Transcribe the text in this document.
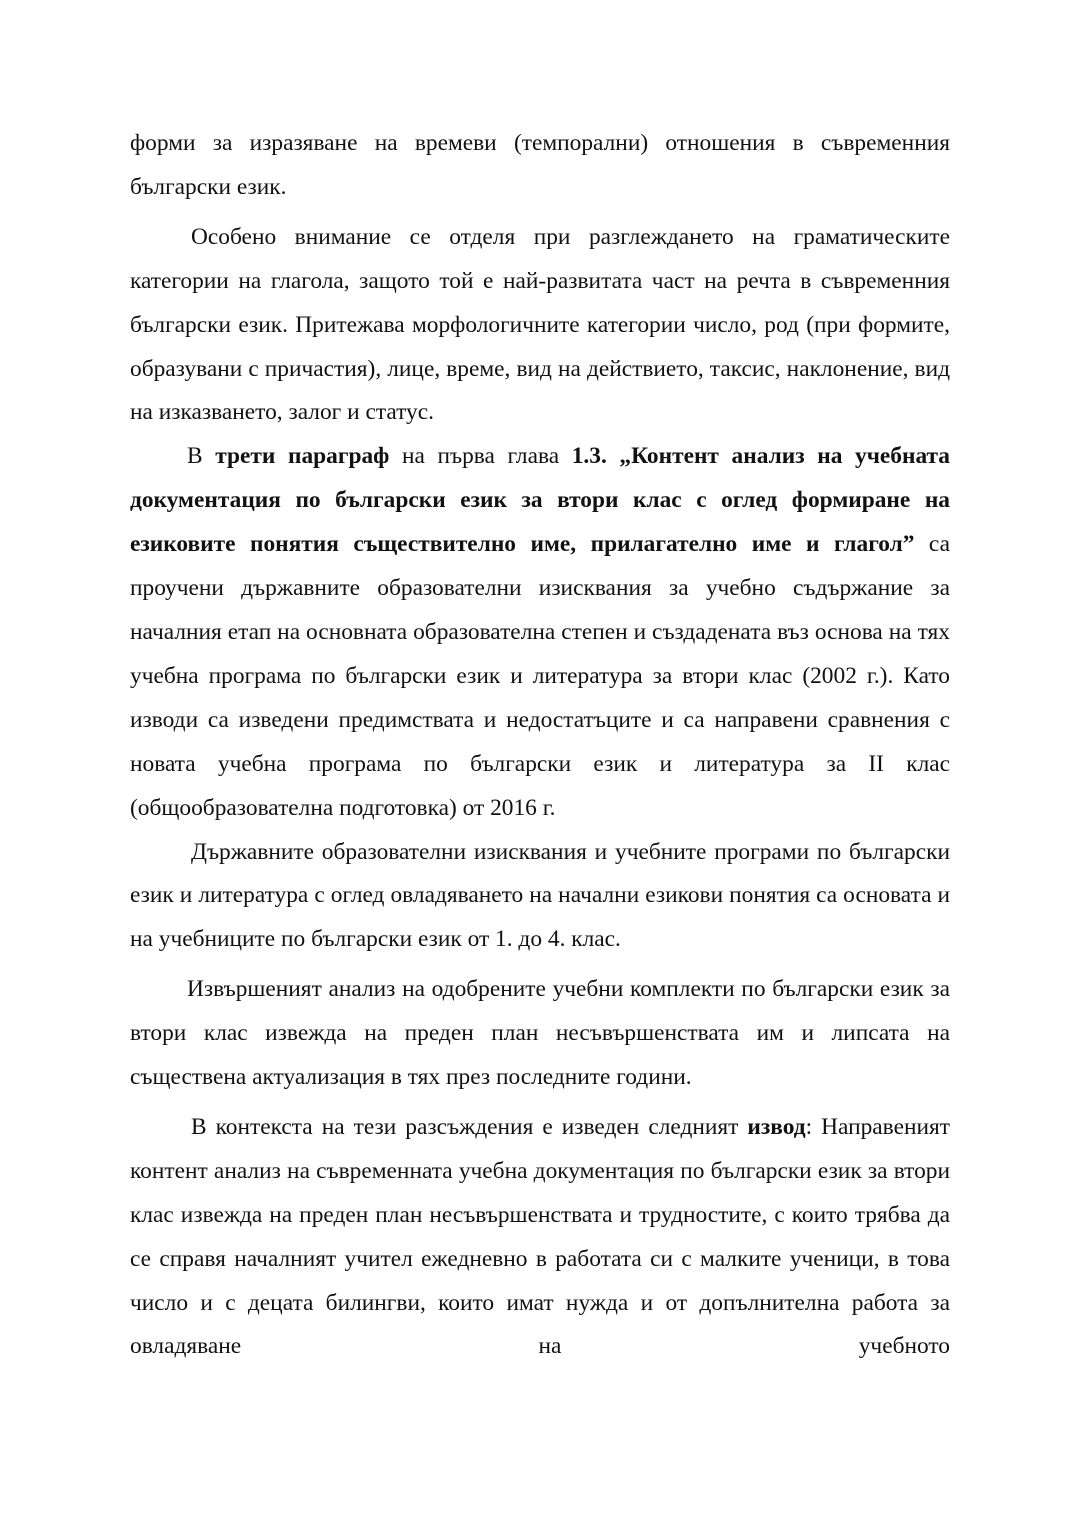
форми за изразяване на времеви (темпорални) отношения в съвременния български език.

Особено внимание се отделя при разглеждането на граматическите категории на глагола, защото той е най-развитата част на речта в съвременния български език. Притежава морфологичните категории число, род (при формите, образувани с причастия), лице, време, вид на действието, таксис, наклонение, вид на изказването, залог и статус.

В трети параграф на първа глава 1.3. „Контент анализ на учебната документация по български език за втори клас с оглед формиране на езиковите понятия съществително име, прилагателно име и глагол” са проучени държавните образователни изисквания за учебно съдържание за началния етап на основната образователна степен и създадената въз основа на тях учебна програма по български език и литература за втори клас (2002 г.). Като изводи са изведени предимствата и недостатъците и са направени сравнения с новата учебна програма по български език и литература за II клас (общообразователна подготовка) от 2016 г.

Държавните образователни изисквания и учебните програми по български език и литература с оглед овладяването на начални езикови понятия са основата и на учебниците по български език от 1. до 4. клас.

Извършеният анализ на одобрените учебни комплекти по български език за втори клас извежда на преден план несъвършенствата им и липсата на съществена актуализация в тях през последните години.

В контекста на тези разсъждения е изведен следният извод: Направеният контент анализ на съвременната учебна документация по български език за втори клас извежда на преден план несъвършенствата и трудностите, с които трябва да се справя началният учител ежедневно в работата си с малките ученици, в това число и с децата билингви, които имат нужда и от допълнителна работа за овладяване на учебното
